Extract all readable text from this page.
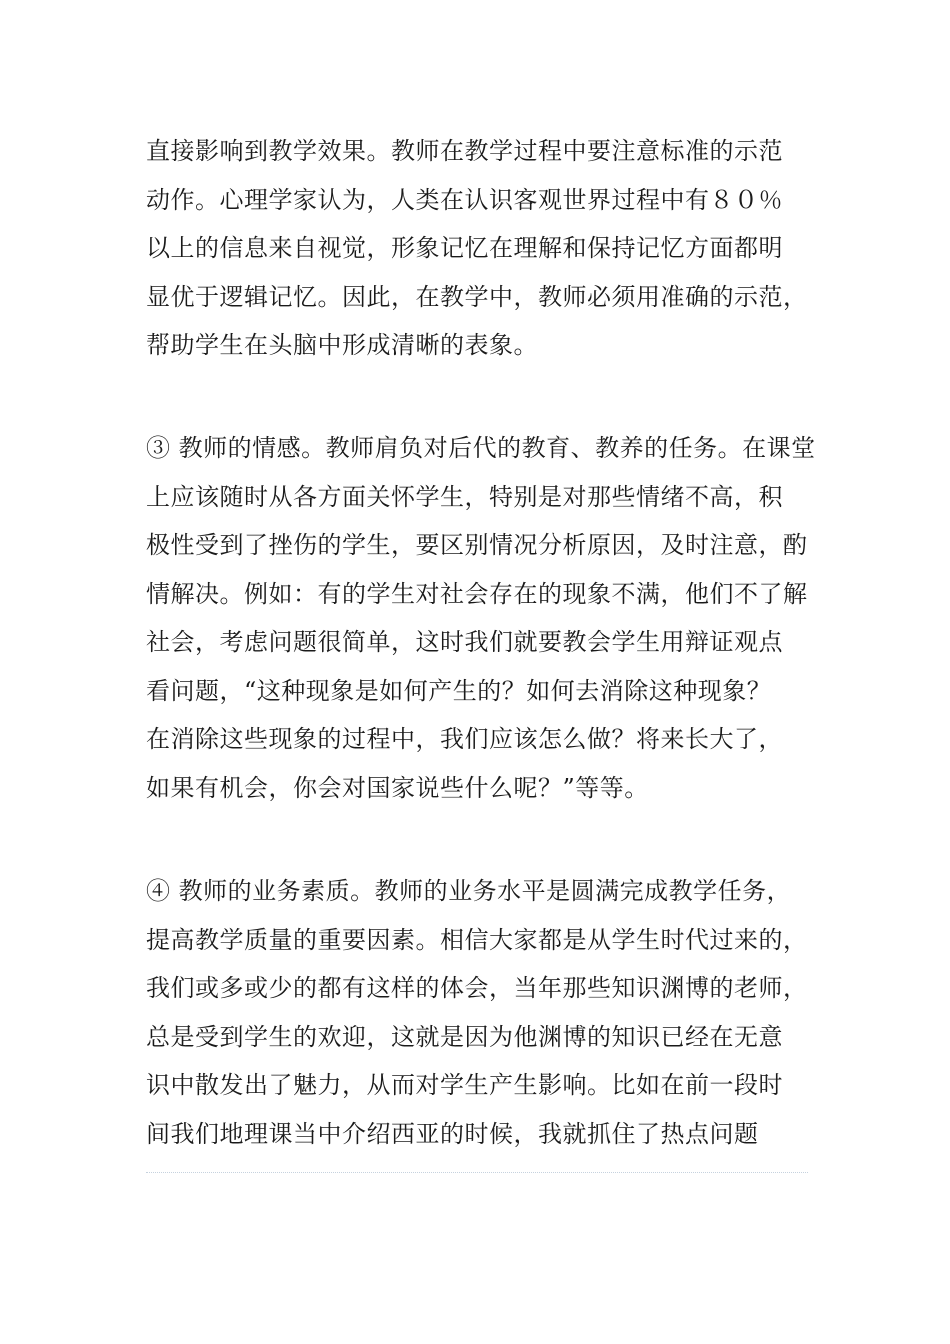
直接影响到教学效果。教师在教学过程中要注意标准的示范
动作。心理学家认为，人类在认识客观世界过程中有８０％
以上的信息来自视觉，形象记忆在理解和保持记忆方面都明
显优于逻辑记忆。因此，在教学中，教师必须用准确的示范，
帮助学生在头脑中形成清晰的表象。
③ 教师的情感。教师肩负对后代的教育、教养的任务。在课堂
上应该随时从各方面关怀学生，特别是对那些情绪不高，积
极性受到了挫伤的学生，要区别情况分析原因，及时注意，酌
情解决。例如：有的学生对社会存在的现象不满，他们不了解
社会，考虑问题很简单，这时我们就要教会学生用辩证观点
看问题，“这种现象是如何产生的？如何去消除这种现象？
在消除这些现象的过程中，我们应该怎么做？将来长大了，
如果有机会，你会对国家说些什么呢？”等等。
④ 教师的业务素质。教师的业务水平是圆满完成教学任务，
提高教学质量的重要因素。相信大家都是从学生时代过来的，
我们或多或少的都有这样的体会，当年那些知识渊博的老师，
总是受到学生的欢迎，这就是因为他渊博的知识已经在无意
识中散发出了魅力，从而对学生产生影响。比如在前一段时
间我们地理课当中介绍西亚的时候，我就抓住了热点问题
